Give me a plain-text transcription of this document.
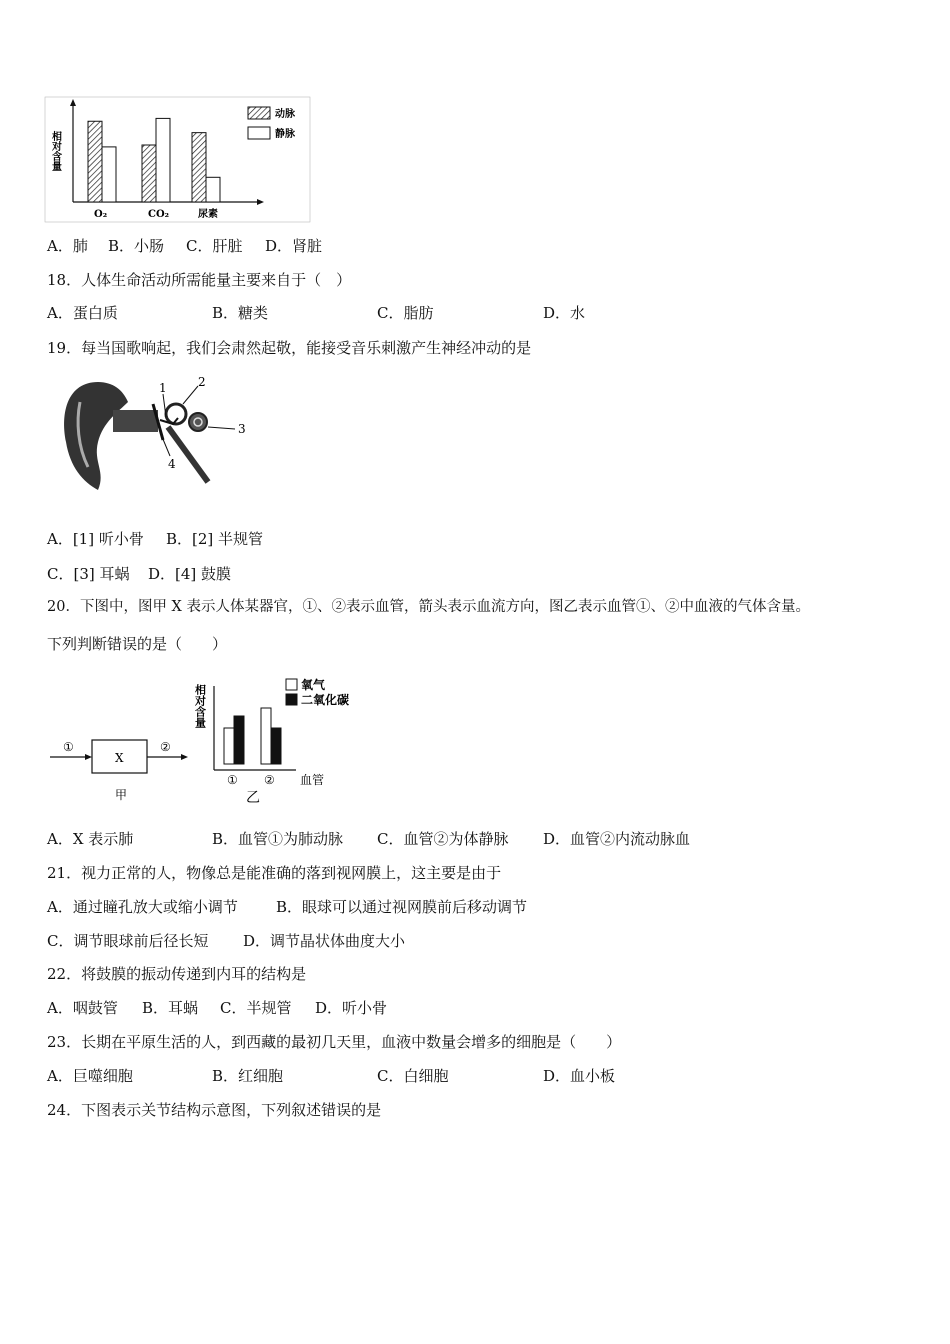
O₂	CO₂	尿素
相对含量
动脉
静脉
A．肺 B．小肠 C．肝脏 D．肾脏
18．人体生命活动所需能量主要来自于（　）
A．蛋白质	B．糖类	C．脂肪	D．水
19．每当国歌响起，我们会肃然起敬，能接受音乐刺激产生神经冲动的是
1	2
3
4
A．[1] 听小骨 B．[2] 半规管
C．[3] 耳蜗 D．[4] 鼓膜
20．下图中，图甲 X 表示人体某器官，①、②表示血管，箭头表示血流方向，图乙表示血管①、②中血液的气体含量。
下列判断错误的是（　　）
①
X
②
甲
相对含量
① ② 血管
氧气
二氧化碳
乙
A．X 表示肺	B．血管①为肺动脉 C．血管②为体静脉 D．血管②内流动脉血
21．视力正常的人，物像总是能准确的落到视网膜上，这主要是由于
A．通过瞳孔放大或缩小调节	B．眼球可以通过视网膜前后移动调节
C．调节眼球前后径长短 D．调节晶状体曲度大小
22．将鼓膜的振动传递到内耳的结构是
A．咽鼓管 B．耳蜗 C．半规管 D．听小骨
23．长期在平原生活的人，到西藏的最初几天里，血液中数量会增多的细胞是（　　）
A．巨噬细胞	B．红细胞	C．白细胞	D．血小板
24．下图表示关节结构示意图，下列叙述错误的是
